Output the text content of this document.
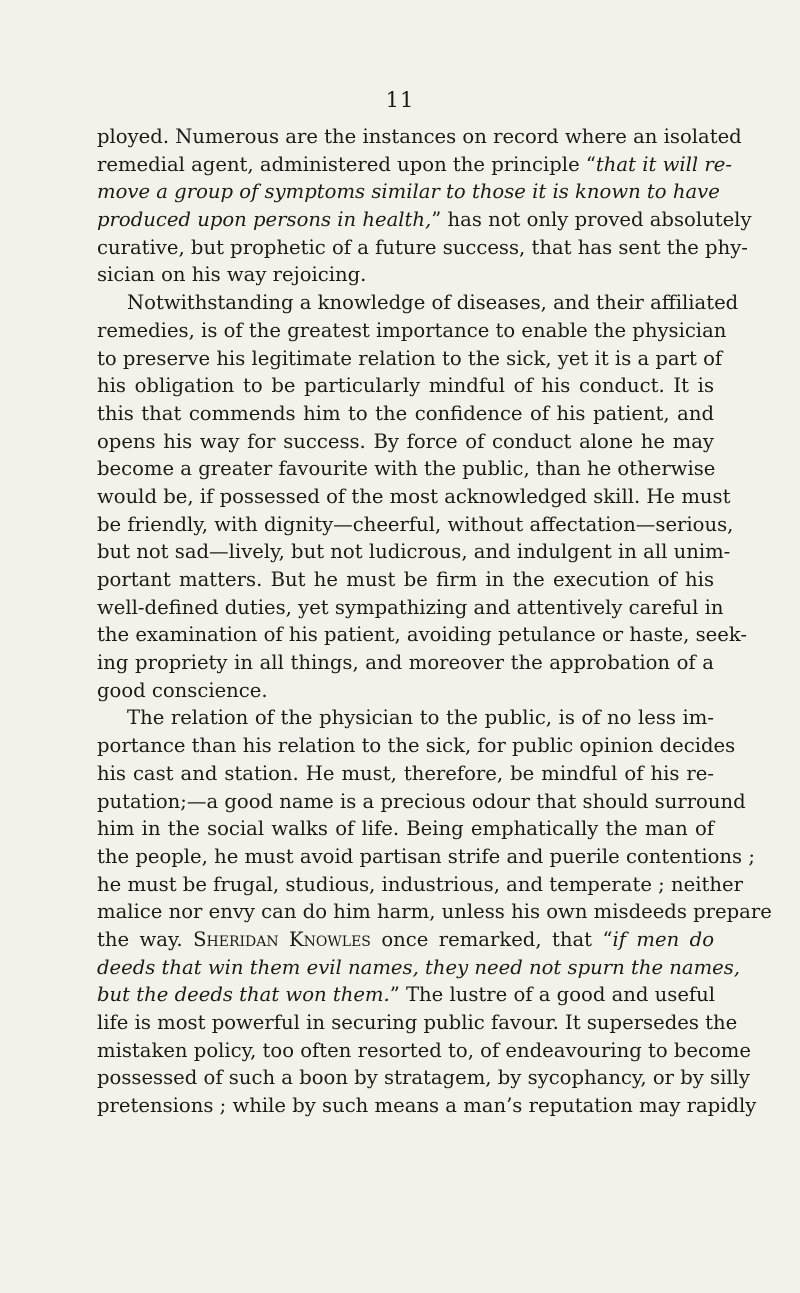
11
ployed. Numerous are the instances on record where an isolated
remedial agent, administered upon the principle “that it will re-
move a group of symptoms similar to those it is known to have
produced upon persons in health,” has not only proved absolutely
curative, but prophetic of a future success, that has sent the phy-
sician on his way rejoicing.
Notwithstanding a knowledge of diseases, and their affiliated
remedies, is of the greatest importance to enable the physician
to preserve his legitimate relation to the sick, yet it is a part of
his obligation to be particularly mindful of his conduct. It is
this that commends him to the confidence of his patient, and
opens his way for success. By force of conduct alone he may
become a greater favourite with the public, than he otherwise
would be, if possessed of the most acknowledged skill. He must
be friendly, with dignity—cheerful, without affectation—serious,
but not sad—lively, but not ludicrous, and indulgent in all unim-
portant matters. But he must be firm in the execution of his
well-defined duties, yet sympathizing and attentively careful in
the examination of his patient, avoiding petulance or haste, seek-
ing propriety in all things, and moreover the approbation of a
good conscience.
The relation of the physician to the public, is of no less im-
portance than his relation to the sick, for public opinion decides
his cast and station. He must, therefore, be mindful of his re-
putation;—a good name is a precious odour that should surround
him in the social walks of life. Being emphatically the man of
the people, he must avoid partisan strife and puerile contentions ;
he must be frugal, studious, industrious, and temperate ; neither
malice nor envy can do him harm, unless his own misdeeds prepare
the way. Sheridan Knowles once remarked, that “if men do
deeds that win them evil names, they need not spurn the names,
but the deeds that won them.” The lustre of a good and useful
life is most powerful in securing public favour. It supersedes the
mistaken policy, too often resorted to, of endeavouring to become
possessed of such a boon by stratagem, by sycophancy, or by silly
pretensions ; while by such means a man’s reputation may rapidly
